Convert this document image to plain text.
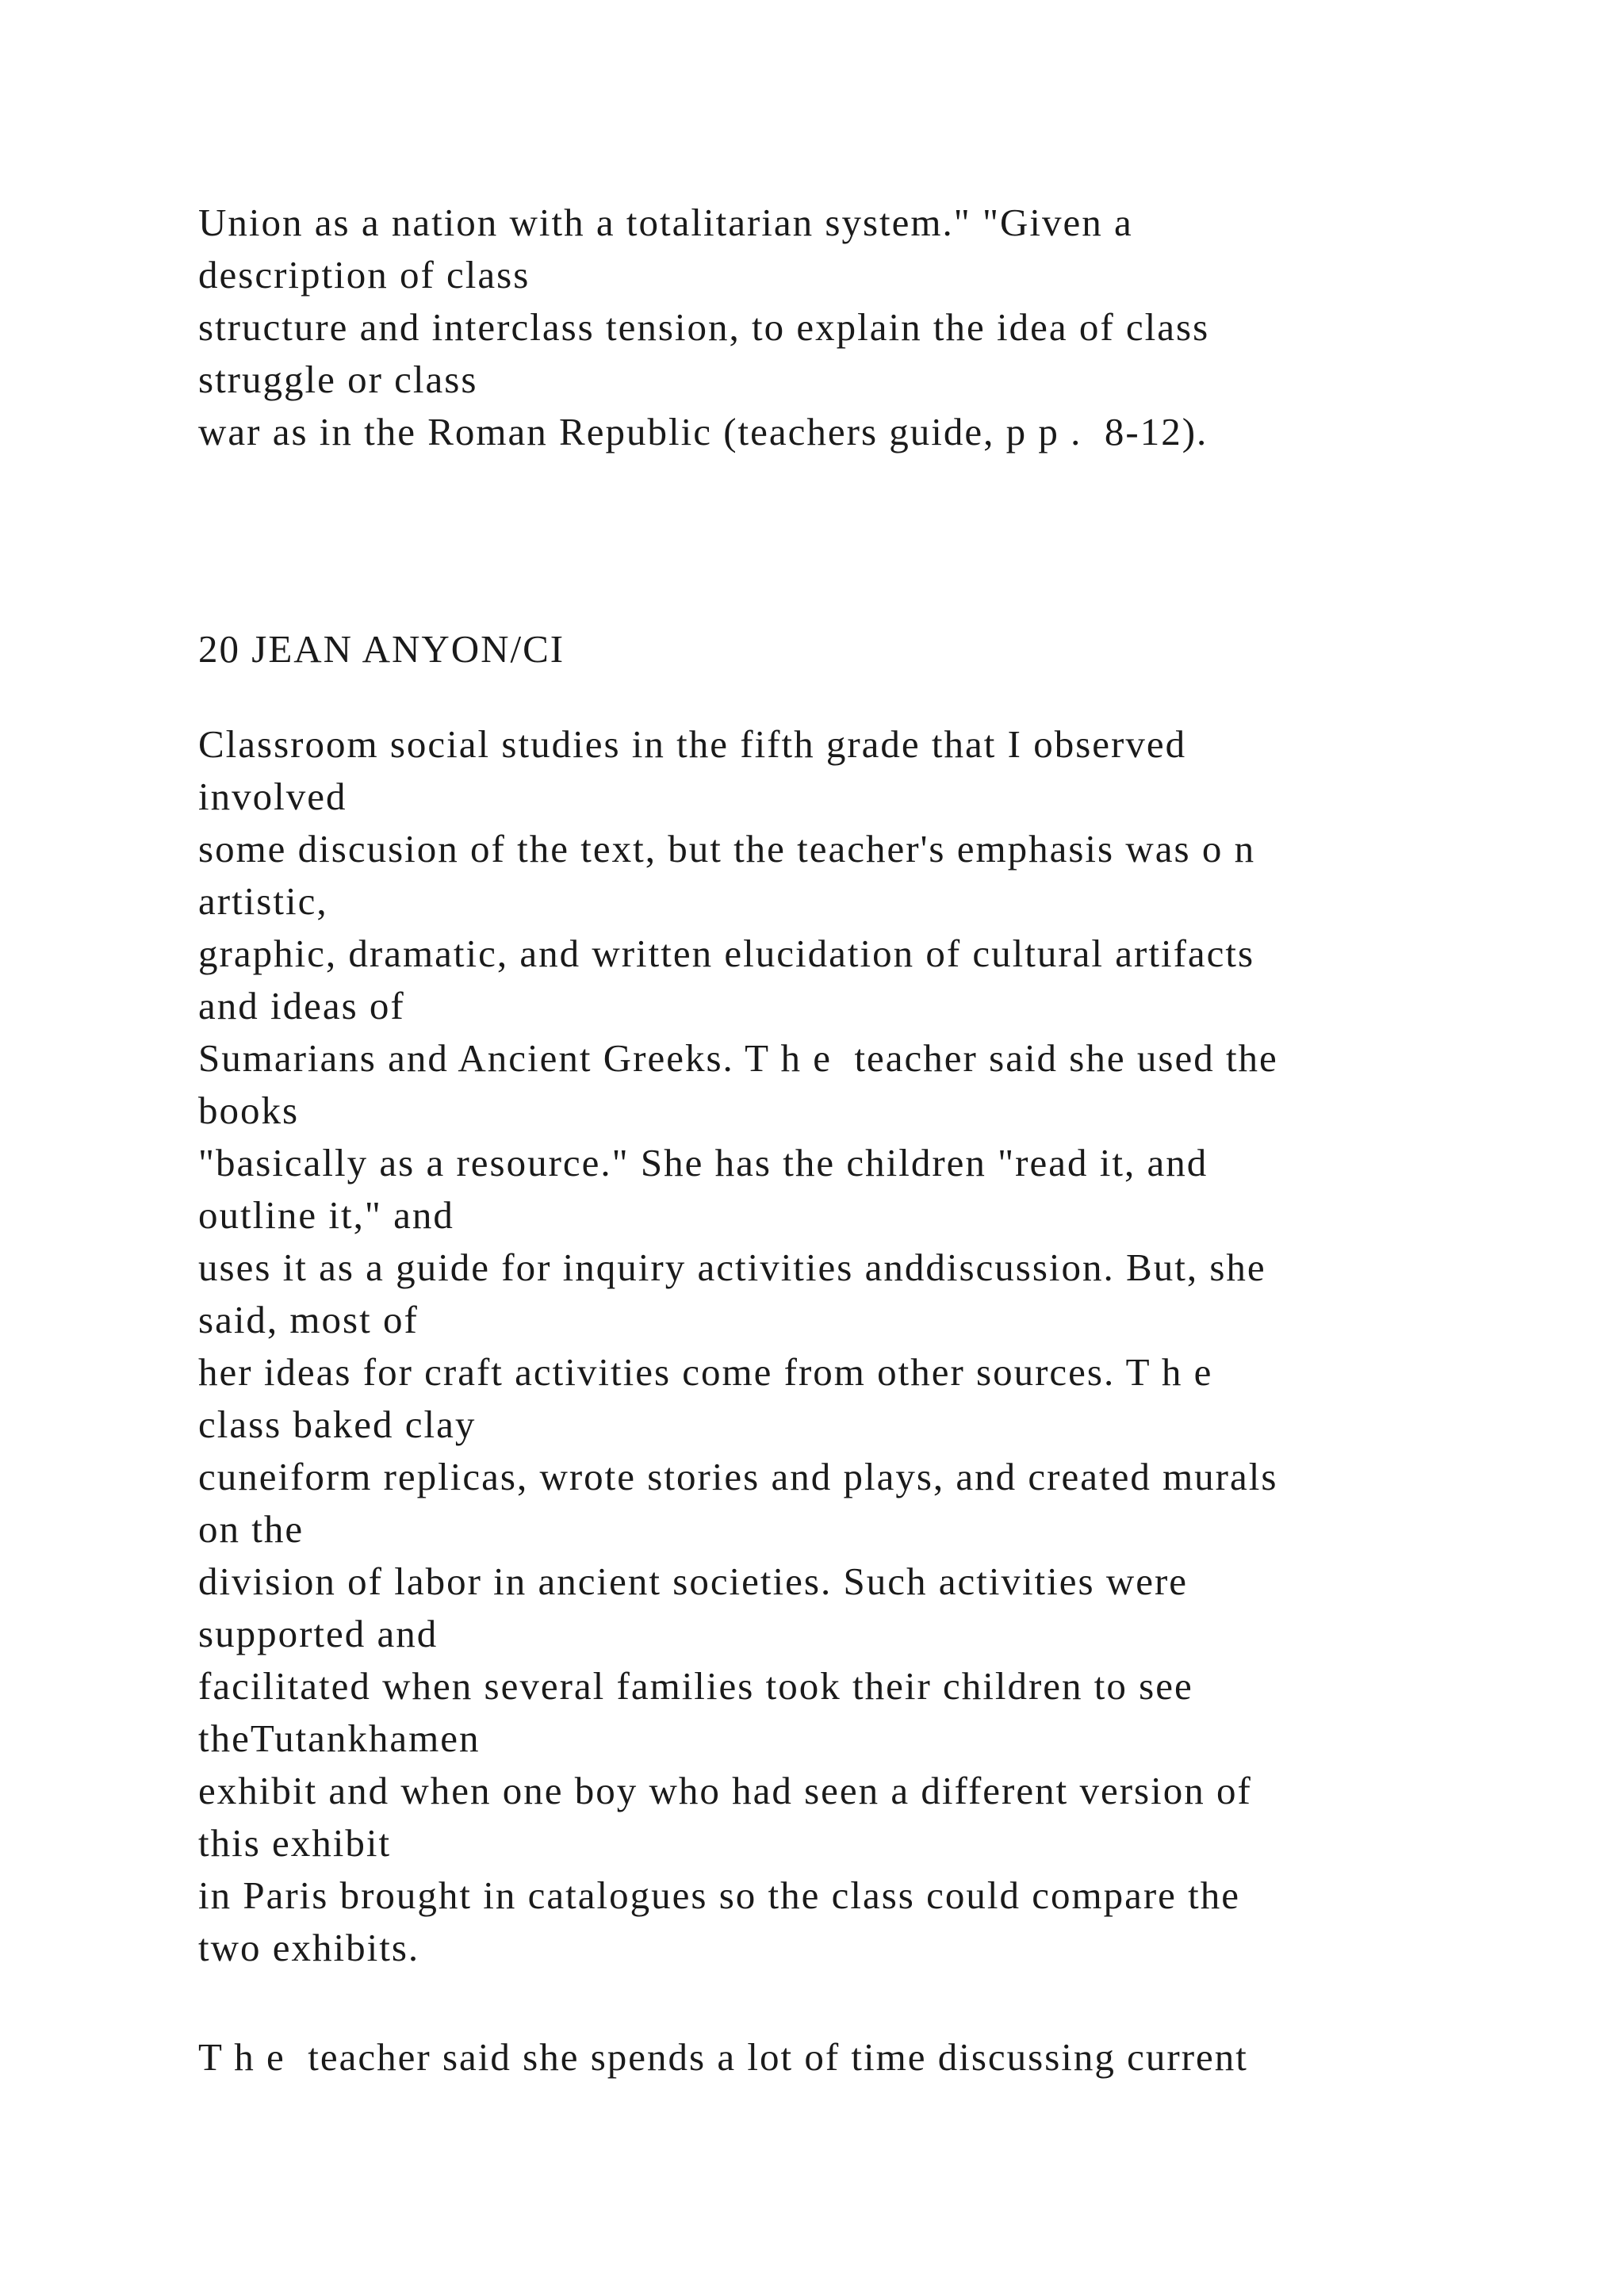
Union as a nation with a totalitarian system." "Given a
description of class
structure and interclass tension, to explain the idea of class
struggle or class
war as in the Roman Republic (teachers guide, p p .  8-12).
20 JEAN ANYON/CI
Classroom social studies in the fifth grade that I observed
involved
some discusion of the text, but the teacher's emphasis was o n
artistic,
graphic, dramatic, and written elucidation of cultural artifacts
and ideas of
Sumarians and Ancient Greeks. T h e  teacher said she used the
books
"basically as a resource." She has the children "read it, and
outline it," and
uses it as a guide for inquiry activities anddiscussion. But, she
said, most of
her ideas for craft activities come from other sources. T h e
class baked clay
cuneiform replicas, wrote stories and plays, and created murals
on the
division of labor in ancient societies. Such activities were
supported and
facilitated when several families took their children to see
theTutankhamen
exhibit and when one boy who had seen a different version of
this exhibit
in Paris brought in catalogues so the class could compare the
two exhibits.
T h e  teacher said she spends a lot of time discussing current
